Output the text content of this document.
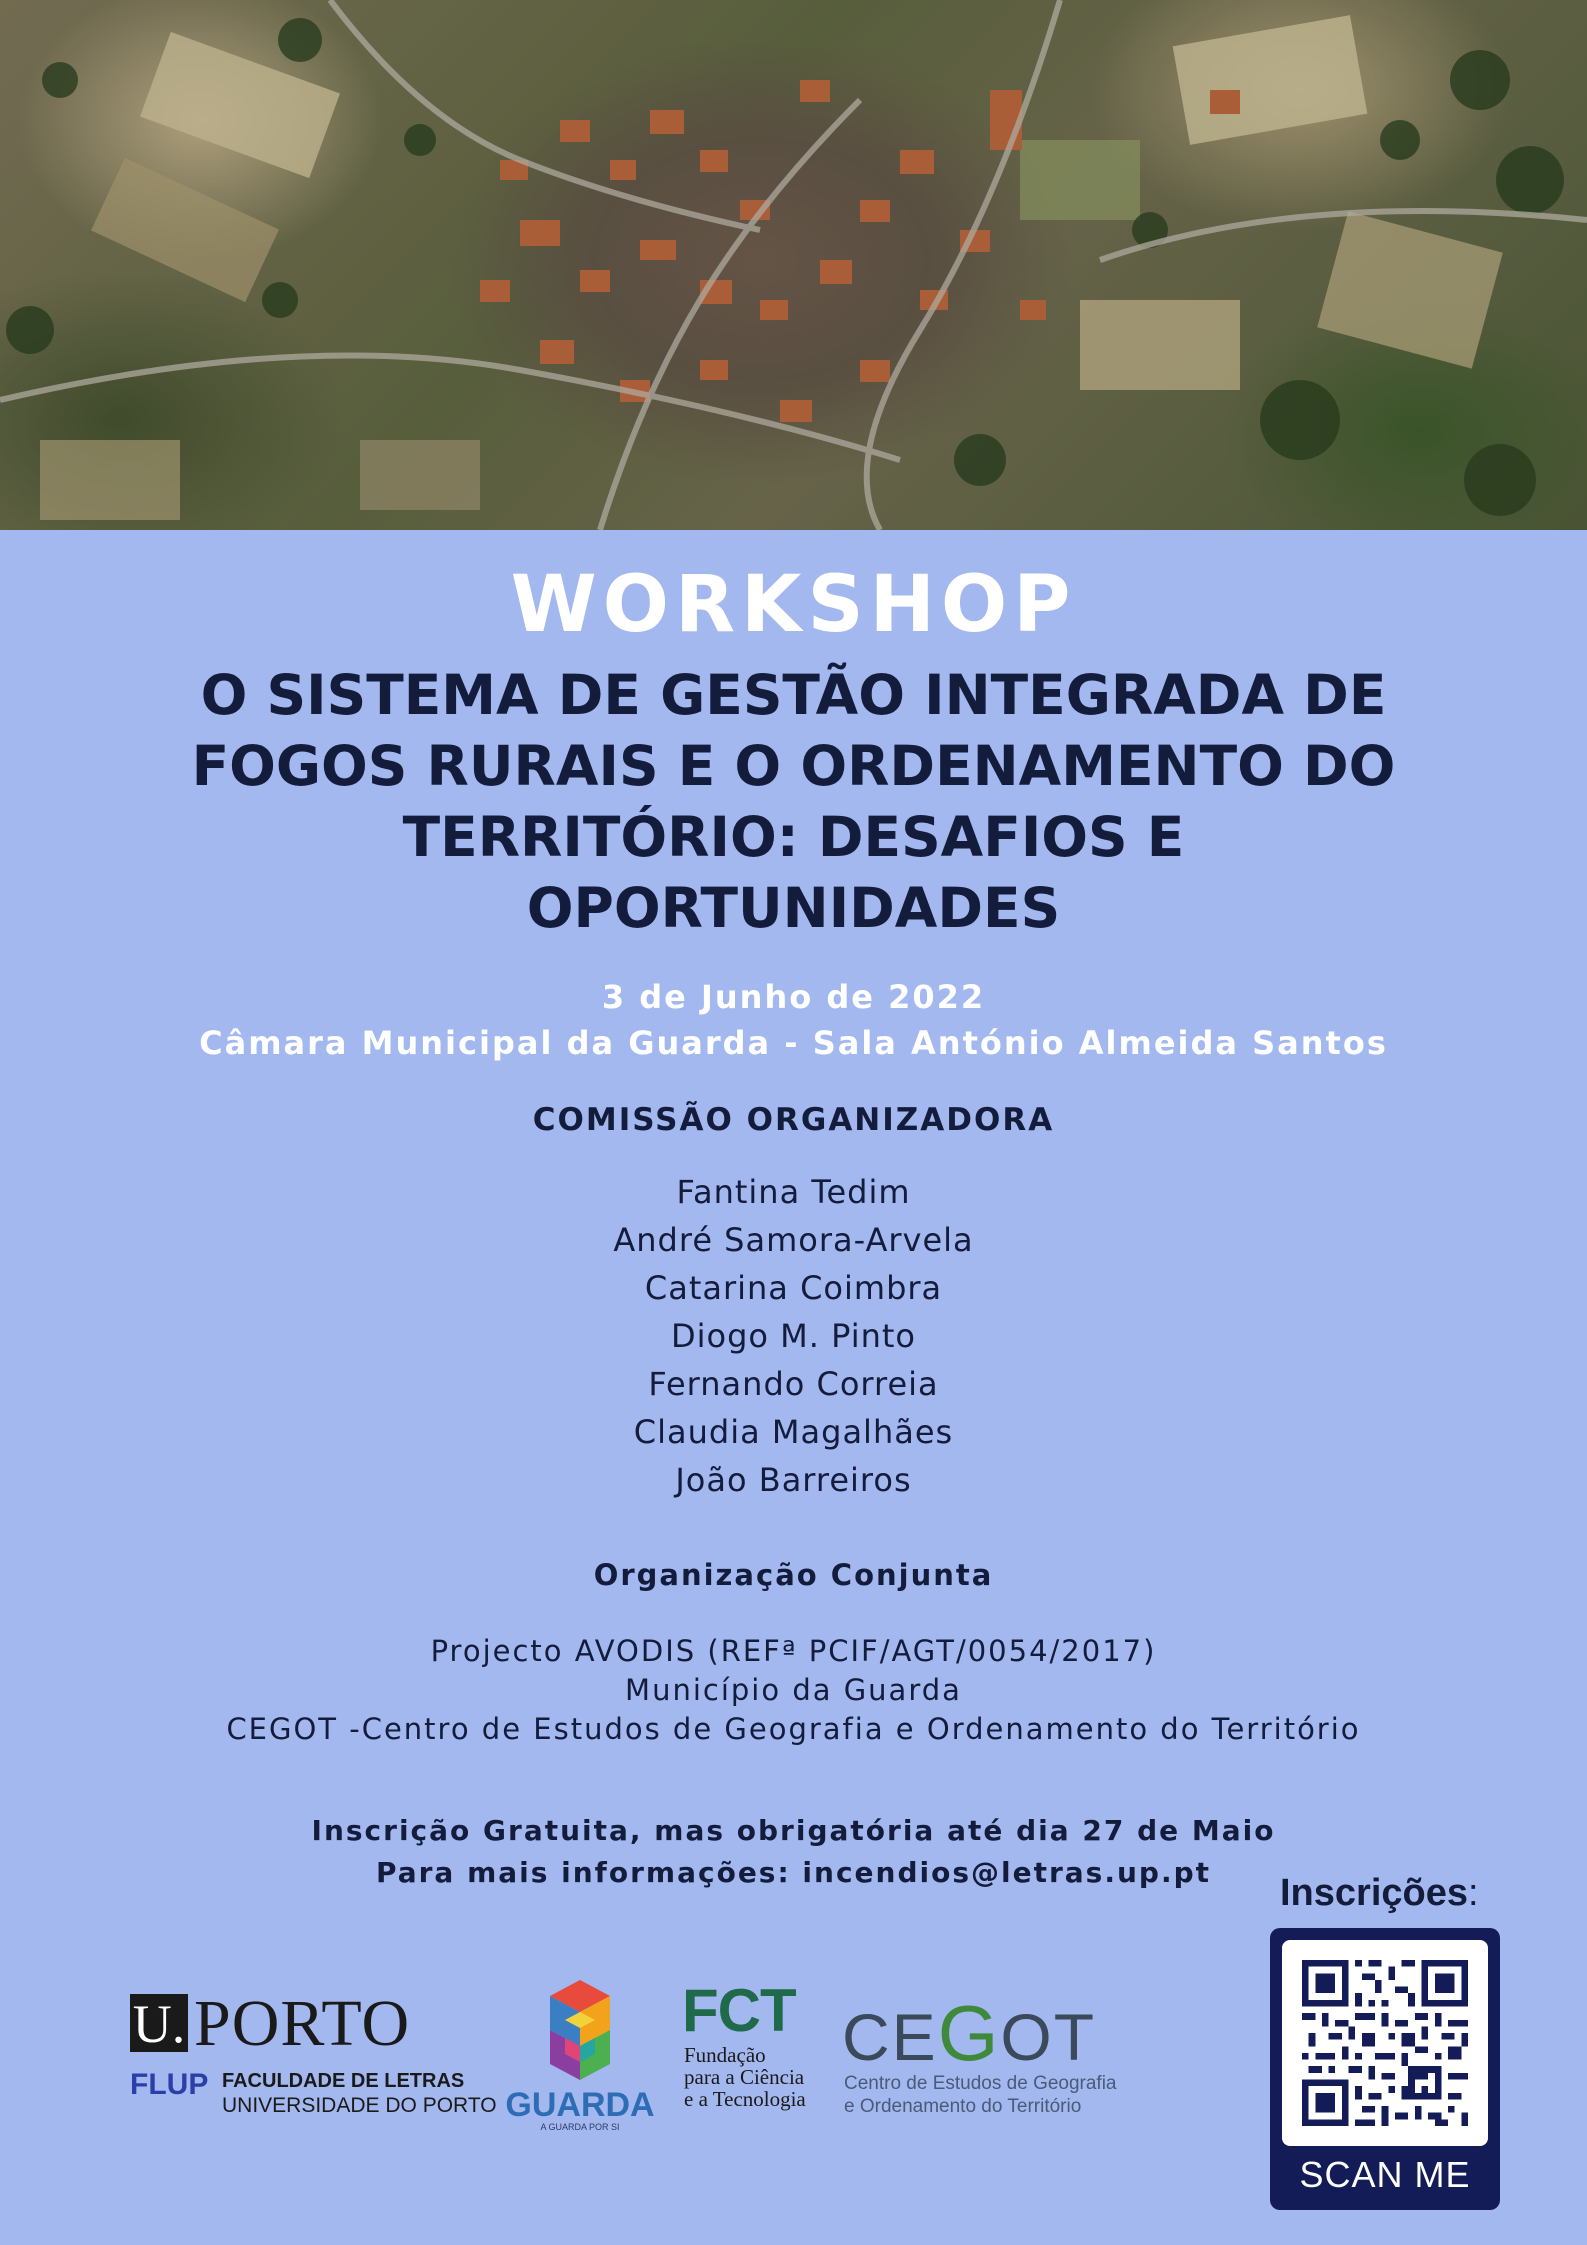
WORKSHOP
O SISTEMA DE GESTÃO INTEGRADA DE
FOGOS RURAIS E O ORDENAMENTO DO
TERRITÓRIO: DESAFIOS E
OPORTUNIDADES
3 de Junho de 2022
Câmara Municipal da Guarda - Sala António Almeida Santos
COMISSÃO ORGANIZADORA
Fantina Tedim
André Samora-Arvela
Catarina Coimbra
Diogo M. Pinto
Fernando Correia
Claudia Magalhães
João Barreiros
Organização Conjunta
Projecto AVODIS (REFª PCIF/AGT/0054/2017)
Município da Guarda
CEGOT -Centro de Estudos de Geografia e Ordenamento do Território
Inscrição Gratuita, mas obrigatória até dia 27 de Maio
Para mais informações: incendios@letras.up.pt	Inscrições:
SCAN ME
U. PORTO
FLUP FACULDADE DE LETRAS
UNIVERSIDADE DO PORTO GUARDA
A GUARDA POR SI
FCT
Fundação
para a Ciência
e a Tecnologia
CEGOT
Centro de Estudos de Geografia
e Ordenamento do Território
